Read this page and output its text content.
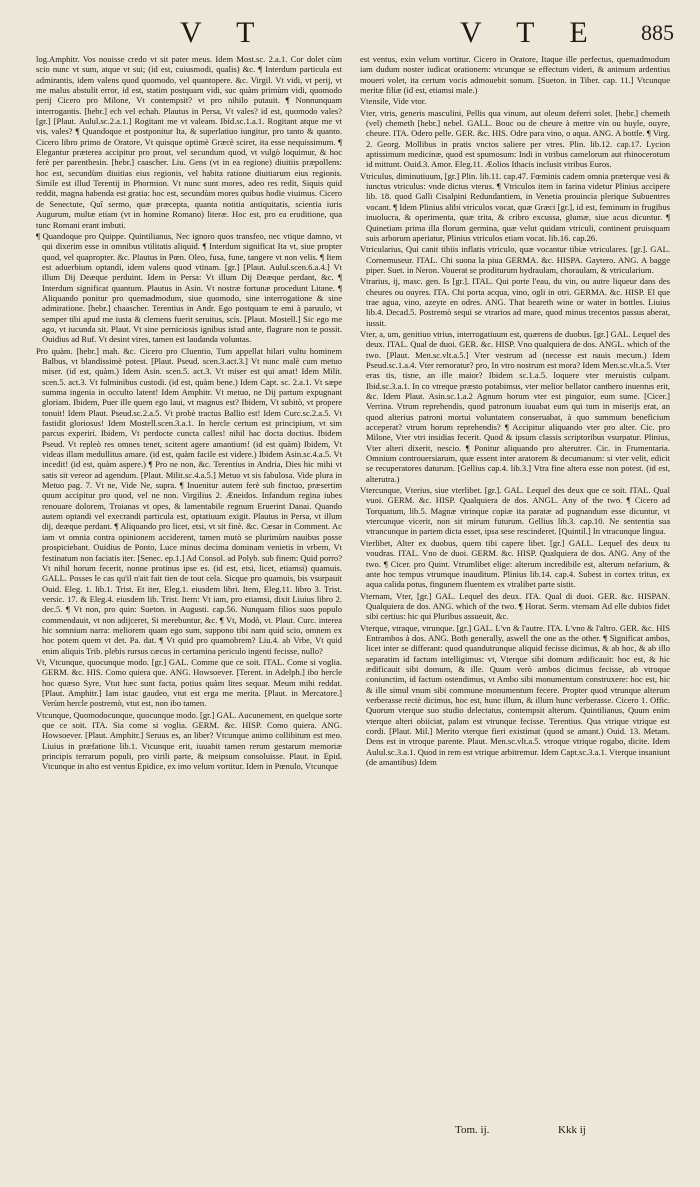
V T	V T E 885

log.Amphitr. Vos nouisse credo vt sit pater meus. Idem Most.sc. 2.a.1. Cor dolet cùm scio nunc vt sum, atque vt sui; (id est, cuiusmodi, qualis) &c. ¶ Interdum particula est admirantis, idem valens quod quomodo, vel quantopere. &c. Virgil. Vt vidi, vt perij, vt me malus abstulit error, id est, statim postquam vidi, suc quàm primùm vidi, quomodo perij Cicero pro Milone, Vt contempsit? vt pro nihilo putauit. ¶ Nonnunquam interrogantis. [hebr.] ech vel echah. Plautus in Persa, Vt vales? id est, quomodo vales? [gr.] [Plaut. Aulul.sc.2.a.1.] Rogitant me vt valeam. Ibid.sc.1.a.1. Rogitant atque me vt vis, vales? ¶ Quandoque et postponitur Ita, & superlatiuo iungitur, pro tanto & quanto. Cicero libro primo de Oratore, Vt quisque optimè Græcè sciret, ita esse nequissimum. ¶ Elegantur præterea accipitur pro prout, vel secundum quod, vt vulgò loquimur, & hoc ferè per parenthesin. [hebr.] caascher. Liu. Gens (vt in ea regione) diuitiis præpollens: hoc est, secundùm diuitias eius regionis, vel habita ratione diuitiarum eius regionis. Simile est illud Terentij in Phormion. Vt nunc sunt mores, adeo res redit, Siquis quid reddit, magna habenda est gratia: hoc est, secundùm mores quibus hodie viuimus. Cicero de Senectute, Quî sermo, quæ præcepta, quanta notitia antiquitatis, scientia iuris Augurum, multæ etiam (vt in homine Romano) literæ. Hoc est, pro ea eruditione, qua tunc Romani erant imbuti.

¶ Quandoque pro Quippe. Quintilianus, Nec ignoro quos transfeo, nec vtique damno, vt qui dixerim esse in omnibus vtilitatis aliquid. ¶ Interdum significat Ita vt, siue propter quod, vel quapropter. &c. Plautus in Pœn. Oleo, fusa, fune, tangere vt non velis. ¶ Item est aduerbium optandi, idem valens quod vtinam. [gr.] [Plaut. Aulul.scen.6.a.4.] Vt illum Dij Deæque perduint. Idem in Persa: Vt illum Dij Deæque perdant, &c. ¶ Interdum significat quantum. Plautus in Asin. Vt nostræ fortunæ procedunt Litane. ¶ Aliquando ponitur pro quemadmodum, siue quomodo, sine interrogatione & sine admiratione. [hebr.] chaascher. Terentius in Andr. Ego postquam te emi à paruulo, vt semper tibi apud me iusta & clemens fuerit seruitus, scis. [Plaut. Mostell.] Sic ego me ago, vt iucunda sit. Plaut. Vt sine perniciosis ignibus istud ante, flagrare non te possit. Ouidius ad Ruf. Vt desint vires, tamen est laudanda voluntas.

Pro quàm. [hebr.] mah. &c. Cicero pro Cluentio, Tum appellat hilari vultu hominem Balbus, vt blandissimè potest. [Plaut. Pseud. scen.3.act.3.] Vt nunc malè cum metuo miser. (id est, quàm.) Idem Asin. scen.5. act.3. Vt miser est qui amat! Idem Milit. scen.5. act.3. Vt fulminibus custodi. (id est, quàm bene.) Idem Capt. sc. 2.a.1. Vt sæpe summa ingenia in occulto latent! Idem Amphitr. Vt metuo, ne Dij partum expugnant gloriam. Ibidem, Puer ille quem ego laui, vt magnus est? Ibidem, Vt subitò, vt propere tonuit! Idem Plaut. Pseud.sc.2.a.5. Vt probè tractus Ballio est! Idem Curc.sc.2.a.5. Vt fastidit gloriosus! Idem Mostell.scen.3.a.1. In hercle certum est principium, vt sim parcus experiri. Ibidem, Vt perdocte cuncta calles! nihil hac docta doctius. Ibidem Pseud. Vt repleò res omnes tenet, scitent agere amantium! (id est quàm) Ibidem, Vt videas illam medullitus amare. (id est, quàm facile est videre.) Ibidem Asin.sc.4.a.5. Vt incedit! (id est, quàm aspere.) ¶ Pro ne non, &c. Terentius in Andria, Dies hic mihi vt satis sit vereor ad agendum. [Plaut. Milit.sc.4.a.5.] Metuo vt sis fabulosa. Vide plura in Metuo pag. 7. Vt ne, Vide Ne, supra. ¶ Inuenitur autem ferè sub finctuo, præsertim quum accipitur pro quod, vel ne non. Virgilius 2. Æneidos. Infandum regina iubes renouare dolorem, Troianas vt opes, & lamentabile regnum Eruerint Danai. Quando autem optandi vel execrandi particula est, optatiuum exigit. Plautus in Persa, vt illum dij, deæque perdant. ¶ Aliquando pro licet, etsi, vt sit finè. &c. Cæsar in Comment. Ac iam vt omnia contra opinionem acciderent, tamen mutò se plurimùm nauibus posse prospiciebant. Ouidius de Ponto, Luce minus decima dominam venietis in vrbem, Vt festinatum non faciatis iter. [Senec. ep.1.] Ad Consol. ad Polyb. sub finem: Quid porro? Vt nihil horum fecerit, nonne protinus ipse es. (id est, etsi, licet, etiamsi) quamuis. GALL. Posses le cas qu'il n'ait fait tien de tout cela. Sicque pro quamuis, bis vsurpauit Ouid. Eleg. 1. lib.1. Trist. Et iter, Eleg.1. eiusdem libri. Item, Eleg.11. libro 3. Trist. versic. 17. & Eleg.4. eiusdem lib. Trist. Item: Vt iam, pro etiamsi, dixit Liuius libro 2. dec.5. ¶ Vt non, pro quin: Sueton. in Augusti. cap.56. Nunquam filios suos populo commendauit, vt non adijceret, Si merebuntur, &c. ¶ Vt, Modò, vt. Plaut. Curc. interea hic somnium narra: meliorem quam ego sum, suppono tibi nam quid scio, omnem ex hoc potem quem vt det. Pa. dat. ¶ Vt quid pro quamobrem? Liu.4. ab Vrbe, Vt quid enim aliquis Trib. plebis rursus cæcus in certamina periculo ingenti fecisse, nullo?

Vt, Vtcunque, quocunque modo. [gr.] GAL. Comme que ce soit. ITAL. Come si voglia. GERM. &c. HIS. Como quiera que. ANG. Howsoever. [Terent. in Adelph.] ibo hercle hoc quæso Syre, Vtut hæc sunt facta, potius quàm lites sequar. Meum mihi reddat. [Plaut. Amphitr.] Iam istac gaudeo, vtut est erga me merita. [Plaut. in Mercatore.] Verùm hercle postremò, vtut est, non ibo tamen.

Vtcunque, Quomodocunque, quocunque modo. [gr.] GAL. Aucunement, en quelque sorte que ce soit. ITA. Sia come si voglia. GERM. &c. HISP. Como quiera. ANG. Howsoever. [Plaut. Amphitr.] Seruus es, an liber? Vtcunque animo collibitum est meo. Liuius in præfatione lib.1. Vtcunque erit, iuuabit tamen rerum gestarum memoriæ principis terrarum populi, pro virili parte, & meipsum consoluisse. Plaut. in Epid. Vtcunque in alto est ventus Epidice, ex imo velum vortitur. Idem in Pœnulo, Vtcunque

est ventus, exin velum vortitur. Cicero in Oratore, Itaque ille perfectus, quemadmodum iam dudum noster iudicat orationem: vtcunque se effectum videri, & animum ardentius moueri volet, ita certum vocis admouebit sonum. [Sueton. in Tiber. cap. 11.] Vtcunque meritæ filiæ (id est, etiamsi male.)

Vtensile, Vide vtor.

Vter, vtris, generis masculini, Pellis qua vinum, aut oleum deferri solet. [hebr.] chemeth (vel) chemeth [hebr.] nebel. GALL. Bouc ou de cheure à mettre vin ou huyle, ouyre, cheure. ITA. Odero pelle. GER. &c. HIS. Odre para vino, o aqua. ANG. A bottle. ¶ Virg. 2. Georg. Mollibus in pratis vnctos saliere per vtres. Plin. lib.12. cap.17. Lycion aptissimum medicinæ, quod est spumosum: Indi in vtribus camelorum aut rhinocerotum id mittunt. Ouid.3. Amor. Eleg.11. Æolios Ithacis inclusit vtribus Euros.

Vtriculus, diminutiuum, [gr.] Plin. lib.11. cap.47. Fœminis cadem omnia præterque vesi & iunctus vtriculus: vnde dictus vterus. ¶ Vtriculos item in farina videtur Plinius accipere lib. 18. quod Galli Cisalpini Redundantiem, in Venetia prouincia plerique Subuentres vocant. ¶ Idem Plinius alibi vtriculos vocat, quæ Græci [gr.], id est, feminum in frugibus inuolucra, & operimenta, quæ trita, & cribro excussa, glumæ, siue acus dicuntur. ¶ Quinetiam prima illa florum germina, quæ velut quidam vtriculi, continent pruisquam suis arborum aperiatur, Plinius vtriculos etiam vocat. lib.16. cap.26.

Vtricularius, Qui canit tibiis inflatis vtriculo, quæ vocantur tibiæ vtriculares. [gr.]. GAL. Cornemuseur. ITAL. Chi suona la piua GERMA. &c. HISPA. Gaytero. ANG. A bagge piper. Suet. in Neron. Vouerat se proditurum hydraulam, choraulam, & vtricularium.

Vtrarius, ij, masc. gen. Is [gr.]. ITAL. Qui porte l'eau, du vin, ou autre liqueur dans des cheures ou ouyres. ITA. Chi porta acqua, vino, ogli in otri. GERMA. &c. HISP. El que trae agua, vino, azeyte en odres. ANG. That beareth wine or water in bottles. Liuius lib.4. Decad.5. Postremò sequi se vtrarios ad mare, quod minus trecentos passus aberat, iussit.

Vter, a, um, genitiuo vtrius, interrogatiuum est, quærens de duobus. [gr.] GAL. Lequel des deux. ITAL. Qual de duoi. GER. &c. HISP. Vno qualquiera de dos. ANGL. which of the two. [Plaut. Men.sc.vlt.a.5.] Vter vestrum ad (necesse est nauis mecum.) Idem Pseud.sc.1.a.4. Vter remoratur? pro, In vtro nostrum est mora? Idem Men.sc.vlt.a.5. Vter eras tis, tisne, an ille maior? Ibidem sc.1.a.5. loquere vter meruistis culpam. Ibid.sc.3.a.1. In co vtreque præsto potabimus, vter melior bellator canthero inuentus erit, &c. Idem Plaut. Asin.sc.1.a.2 Agnum horum vter est pinguior, eum sume. [Cicer.] Verrina. Vtrum reprehendis, quod patronum iuuabat eum qui tum in miserijs erat, an quod alterius patroni mortui voluntatem conseruabat, à quo summum beneficium acceperat? vtrum horum reprehendis? ¶ Accipitur aliquando vter pro alter. Cic. pro Milone, Vter vtri insidias fecerit. Quod & ipsum classis scriptoribus vsurpatur. Plinius, Vter alteri dixerit, nescio. ¶ Ponitur aliquando pro alterutrer. Cic. in Frumentaria. Omnium controuersiarum, quæ essent inter aratorem & decumanum: si vter velit, edicit se recuperatores daturum. [Gellius cap.4. lib.3.] Vtra fine altera esse non potest. (id est, alterutra.)

Vtercunque, Vterius, siue vterlibet. [gr.]. GAL. Lequel des deux que ce soit. ITAL. Qual vuoi. GERM. &c. HISP. Qualquiera de dos. ANGL. Any of the two. ¶ Cicero ad Torquatum, lib.5. Magnæ vtrinque copiæ ita paratæ ad pugnandum esse dicuntur, vt vtercunque vicerit, non sit mirum futurum. Gellius lib.3. cap.10. Ne sententia sua vtrancunque in partem dicta esset, ipsa sese rescinderet. [Quintil.] In vtracunque lingua.

Vterlibet, Alter ex duobus, quem tibi capere libet. [gr.] GALL. Lequel des deux tu voudras. ITAL. Vno de duoi. GERM. &c. HISP. Qualquiera de dos. ANG. Any of the two. ¶ Cicer. pro Quint. Vtrumlibet elige: alterum incredibile est, alterum nefarium, & ante hoc tempus vtrumque inauditum. Plinius lib.14. cap.4. Subest in cortex tritus, ex aqua calida potus, fingunem fluentem ex vtralibet parte sistit.

Vternam, Vter, [gr.] GAL. Lequel des deux. ITA. Qual di duoi. GER. &c. HISPAN. Qualquiera de dos. ANG. which of the two. ¶ Horat. Serm. vternam Ad elle dubios fidet sibi certius: hic qui Pluribus assueuit, &c.

Vterque, vtraque, vtrunque. [gr.] GAL. L'vn & l'autre. ITA. L'vno & l'altro. GER. &c. HIS Entrambos à dos. ANG. Both generally, aswell the one as the other. ¶ Significat ambos, licet inter se differant: quod quandutrunque aliquid fecisse dicimus, & ab hoc, & ab illo separatim id factum intelligimus: vt, Vterque sibi domum ædificauit: hoc est, & hic ædificauit sibi domum, & ille. Quum verò ambos dicimus fecisse, ab vtroque coniunctim, id factum ostendimus, vt Ambo sibi monumentum construxere: hoc est, hic & ille simul vnum sibi commune monumentum fecere. Propter quod vtrunque alterum verberasse rectè dicimus, hoc est, hunc illum, & illum hunc verberasse. Cicero 1. Offic. Quorum vterque suo studio delectatus, contempsit alterum. Quintilianus, Quum enim vterque alteri obiiciat, palam est vtrunque fecisse. Terentius. Qua vtrique vtrique est cordi. [Plaut. Mil.] Merito vterque fieri existimat (quod se amant.) Ouid. 13. Metam. Dens est in vtroque parente. Plaut. Men.sc.vlt.a.5. vtroque vtrique rogabo, dicite. Idem Aulul.sc.3.a.1. Quod in rem est vtrique arbitremur. Idem Capt.sc.3.a.1. Vterque insaniunt (de amantibus) Idem

Tom. ij.	Kkk ij
